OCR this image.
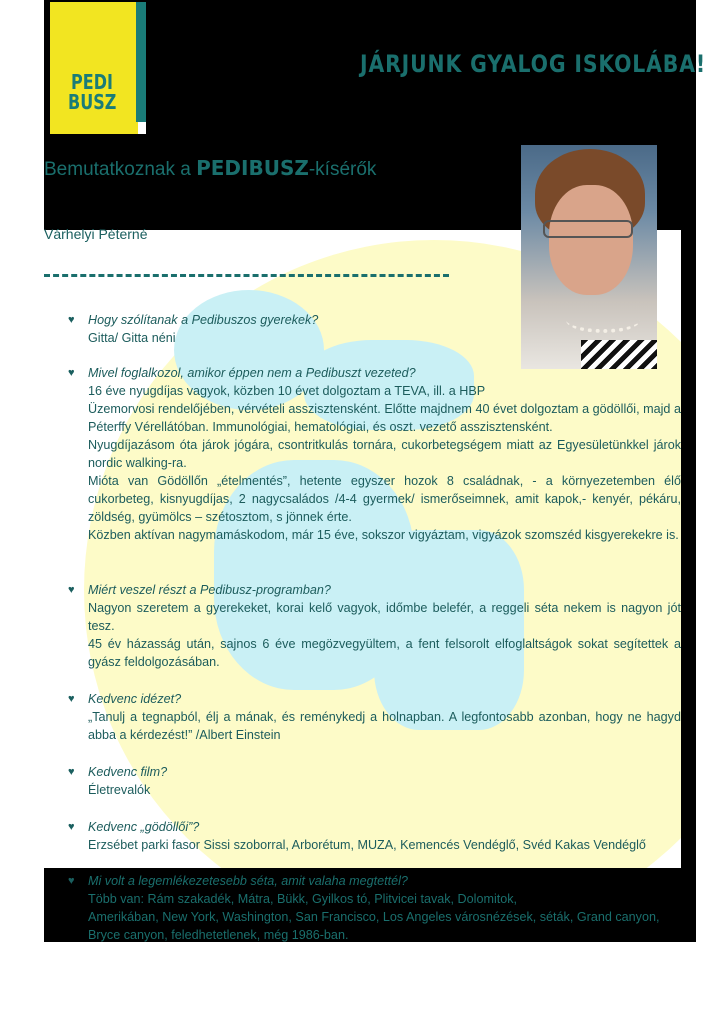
PEDI
BUSZ
JÁRJUNK GYALOG ISKOLÁBA!
Bemutatkoznak a PEDIBUSZ-kísérők
Várhelyi Péterné
♥ Hogy szólítanak a Pedibuszos gyerekek?
Gitta/ Gitta néni
♥ Mivel foglalkozol, amikor éppen nem a Pedibuszt vezeted?
16 éve nyugdíjas vagyok, közben 10 évet dolgoztam a TEVA, ill. a HBP
Üzemorvosi rendelőjében, vérvételi asszisztensként. Előtte majdnem 40 évet dolgoztam a gödöllői, majd a Péterffy Vérellátóban. Immunológiai, hematológiai, és oszt. vezető asszisztensként.
Nyugdíjazásom óta járok jógára, csontritkulás tornára, cukorbetegségem miatt az Egyesületünkkel járok nordic walking-ra.
Mióta van Gödöllőn „ételmentés”, hetente egyszer hozok 8 családnak, - a környezetemben élő cukorbeteg, kisnyugdíjas, 2 nagycsaládos /4-4 gyermek/ ismerőseimnek, amit kapok,- kenyér, pékáru, zöldség, gyümölcs – szétosztom, s jönnek érte.
Közben aktívan nagymamáskodom, már 15 éve, sokszor vigyáztam, vigyázok szomszéd kisgyerekekre is.
♥ Miért veszel részt a Pedibusz-programban?
Nagyon szeretem a gyerekeket, korai kelő vagyok, időmbe belefér, a reggeli séta nekem is nagyon jót tesz.
45 év házasság után, sajnos 6 éve megözvegyültem, a fent felsorolt elfoglaltságok sokat segítettek a gyász feldolgozásában.
♥ Kedvenc idézet?
„Tanulj a tegnapból, élj a mának, és reménykedj a holnapban. A legfontosabb azonban, hogy ne hagyd abba a kérdezést!” /Albert Einstein
♥ Kedvenc film?
Életrevalók
♥ Kedvenc „gödöllői”?
Erzsébet parki fasor Sissi szoborral, Arborétum, MUZA, Kemencés Vendéglő, Svéd Kakas Vendéglő
♥ Mi volt a legemlékezetesebb séta, amit valaha megtettél?
Több van: Rám szakadék, Mátra, Bükk, Gyilkos tó, Plitvicei tavak, Dolomitok,
Amerikában, New York, Washington, San Francisco, Los Angeles városnézések, séták, Grand canyon, Bryce canyon, feledhetetlenek, még 1986-ban.
